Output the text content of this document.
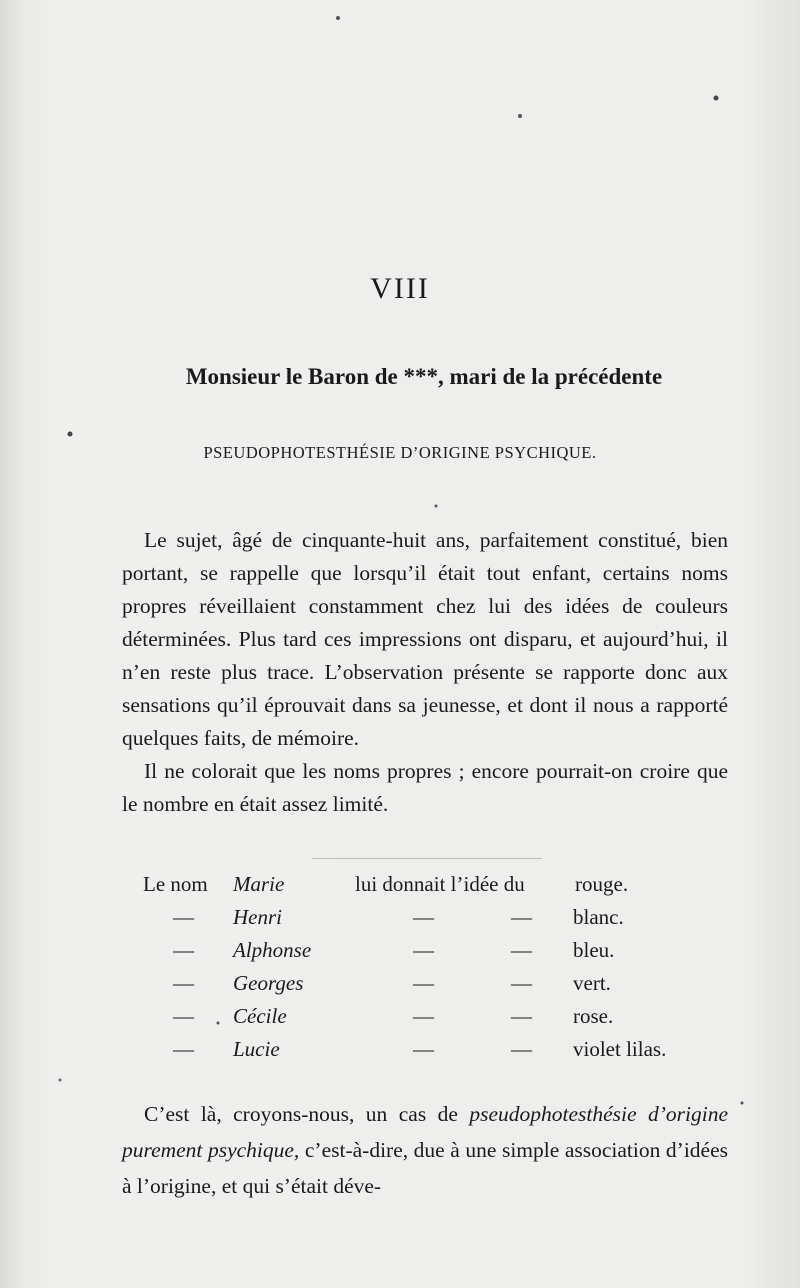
VIII
Monsieur le Baron de ***, mari de la précédente
PSEUDOPHOTESTHÉSIE D’ORIGINE PSYCHIQUE.

Le sujet, âgé de cinquante-huit ans, parfaitement constitué, bien portant, se rappelle que lorsqu’il était tout enfant, certains noms propres réveillaient constamment chez lui des idées de couleurs déterminées. Plus tard ces impressions ont disparu, et aujourd’hui, il n’en reste plus trace. L’observation présente se rapporte donc aux sensations qu’il éprouvait dans sa jeunesse, et dont il nous a rapporté quelques faits, de mémoire.

Il ne colorait que les noms propres ; encore pourrait-on croire que le nombre en était assez limité.

Le nom Marie	lui donnait l’idée du rouge.
— Henri	—	— blanc.
— Alphonse	—	— bleu.
— Georges	—	— vert.
— Cécile	—	— rose.
— Lucie	—	— violet lilas.
C’est là, croyons-nous, un cas de pseudophotesthésie d’origine purement psychique, c’est-à-dire, due à une simple association d’idées à l’origine, et qui s’était déve-
